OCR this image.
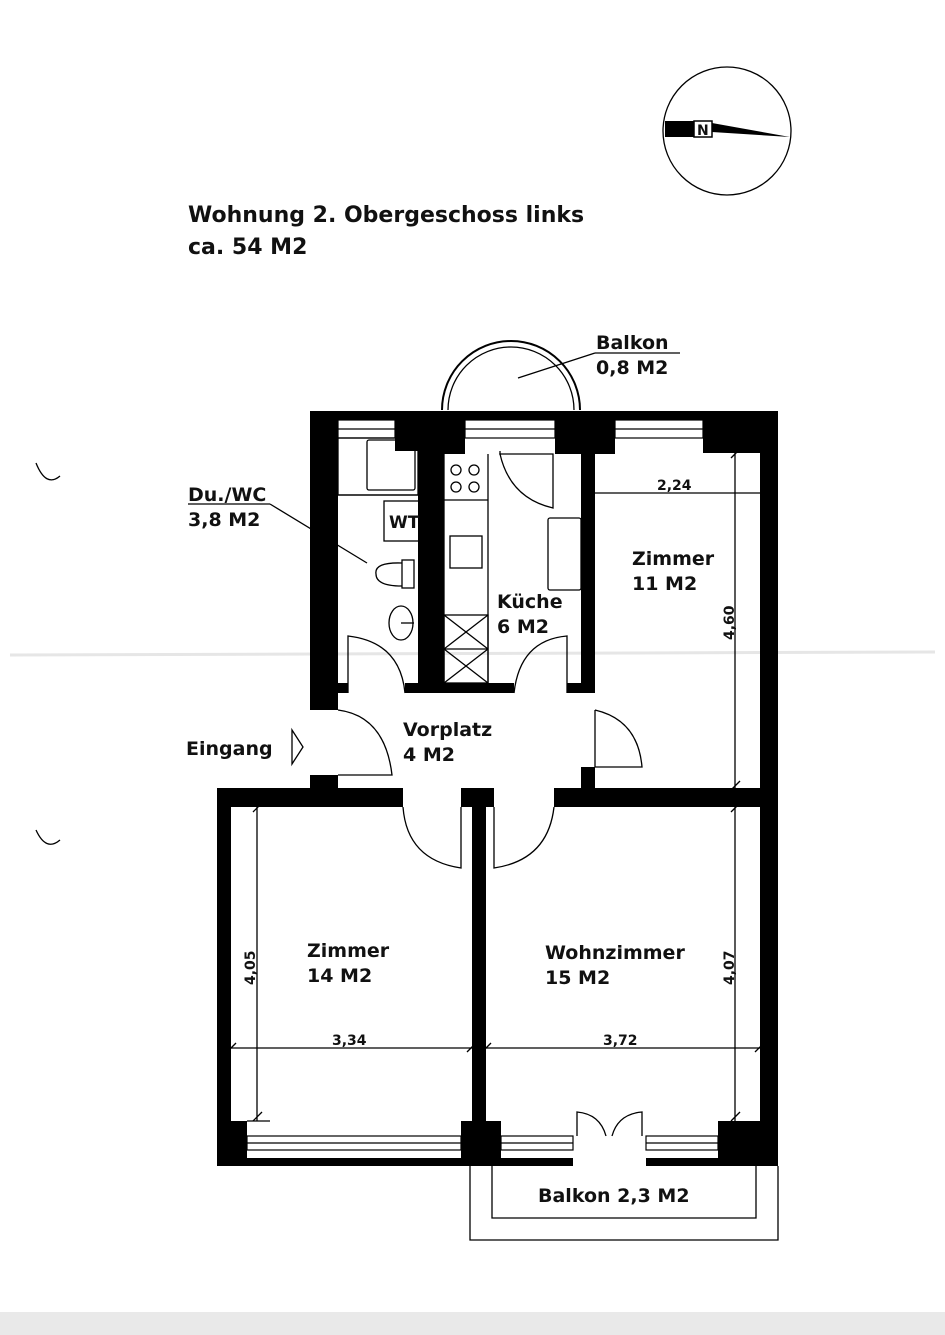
Wohnung 2. Obergeschoss links
ca. 54 M2
N
Balkon
0,8 M2
WT
Du./WC
3,8 M2
Küche
6 M2
2,24
4,60
Zimmer
11 M2
Vorplatz
4 M2
Eingang
4,05
3,34
Zimmer
14 M2
3,72
4,07
Wohnzimmer
15 M2
Balkon 2,3 M2
